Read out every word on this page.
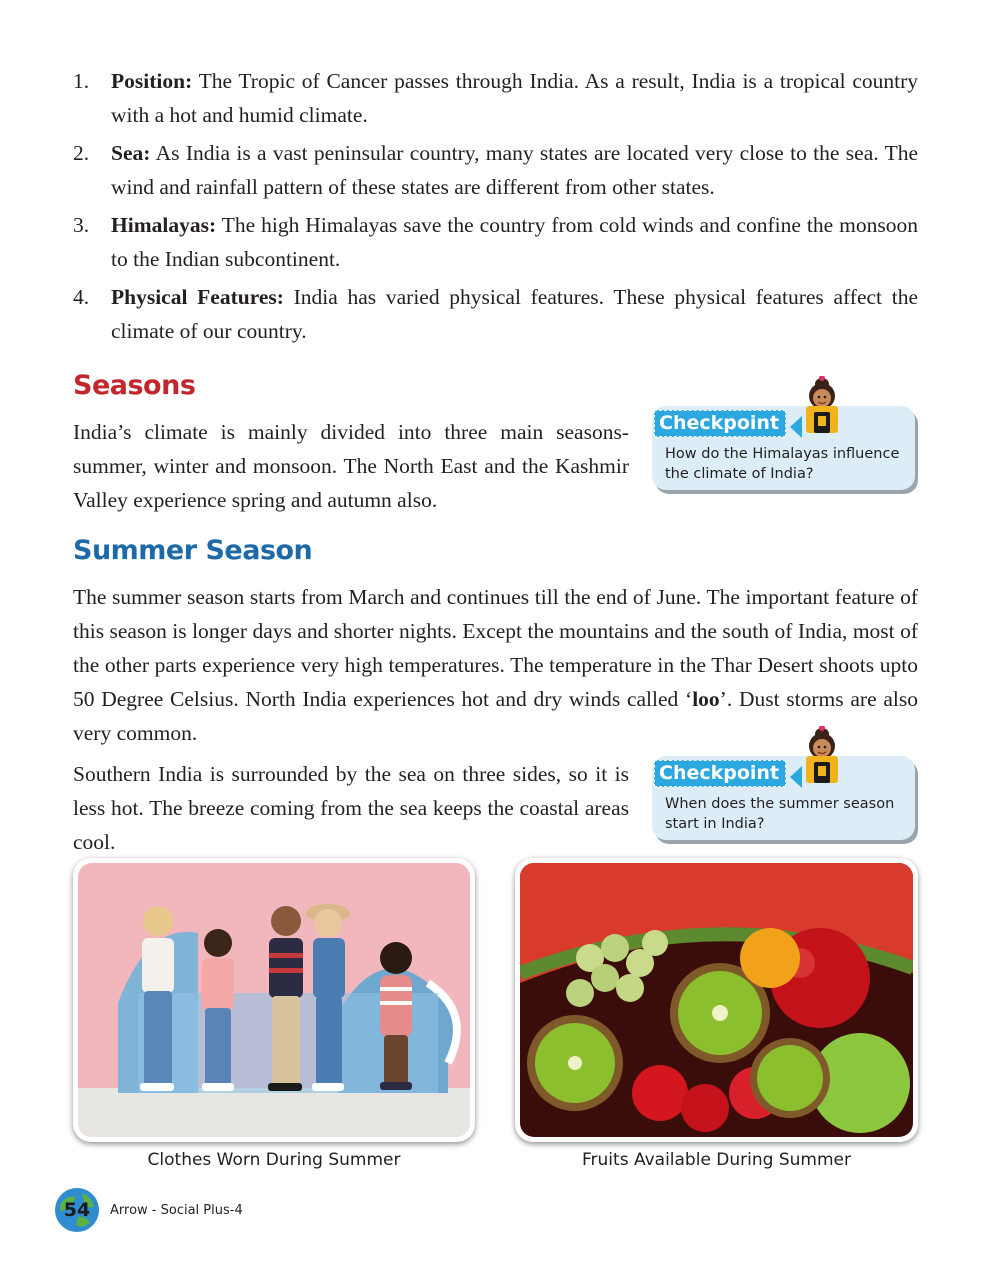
1.	Position: The Tropic of Cancer passes through India. As a result, India is a tropical country with a hot and humid climate.
2.	Sea: As India is a vast peninsular country, many states are located very close to the sea. The wind and rainfall pattern of these states are different from other states.
3.	Himalayas: The high Himalayas save the country from cold winds and confine the monsoon to the Indian subcontinent.
4.	Physical Features: India has varied physical features. These physical features affect the climate of our country.
Seasons

India’s climate is mainly divided into three main seasons- summer, winter and monsoon. The North East and the Kashmir Valley experience spring and autumn also.

Checkpoint
How do the Himalayas influence the climate of India?
Summer Season

The summer season starts from March and continues till the end of June. The important feature of this season is longer days and shorter nights. Except the mountains and the south of India, most of the other parts experience very high temperatures. The temperature in the Thar Desert shoots upto 50 Degree Celsius. North India experiences hot and dry winds called ‘loo’. Dust storms are also very common.

Southern India is surrounded by the sea on three sides, so it is less hot. The breeze coming from the sea keeps the coastal areas cool.

Checkpoint
When does the summer season start in India?
Clothes Worn During Summer	Fruits Available During Summer
54	Arrow - Social Plus-4
